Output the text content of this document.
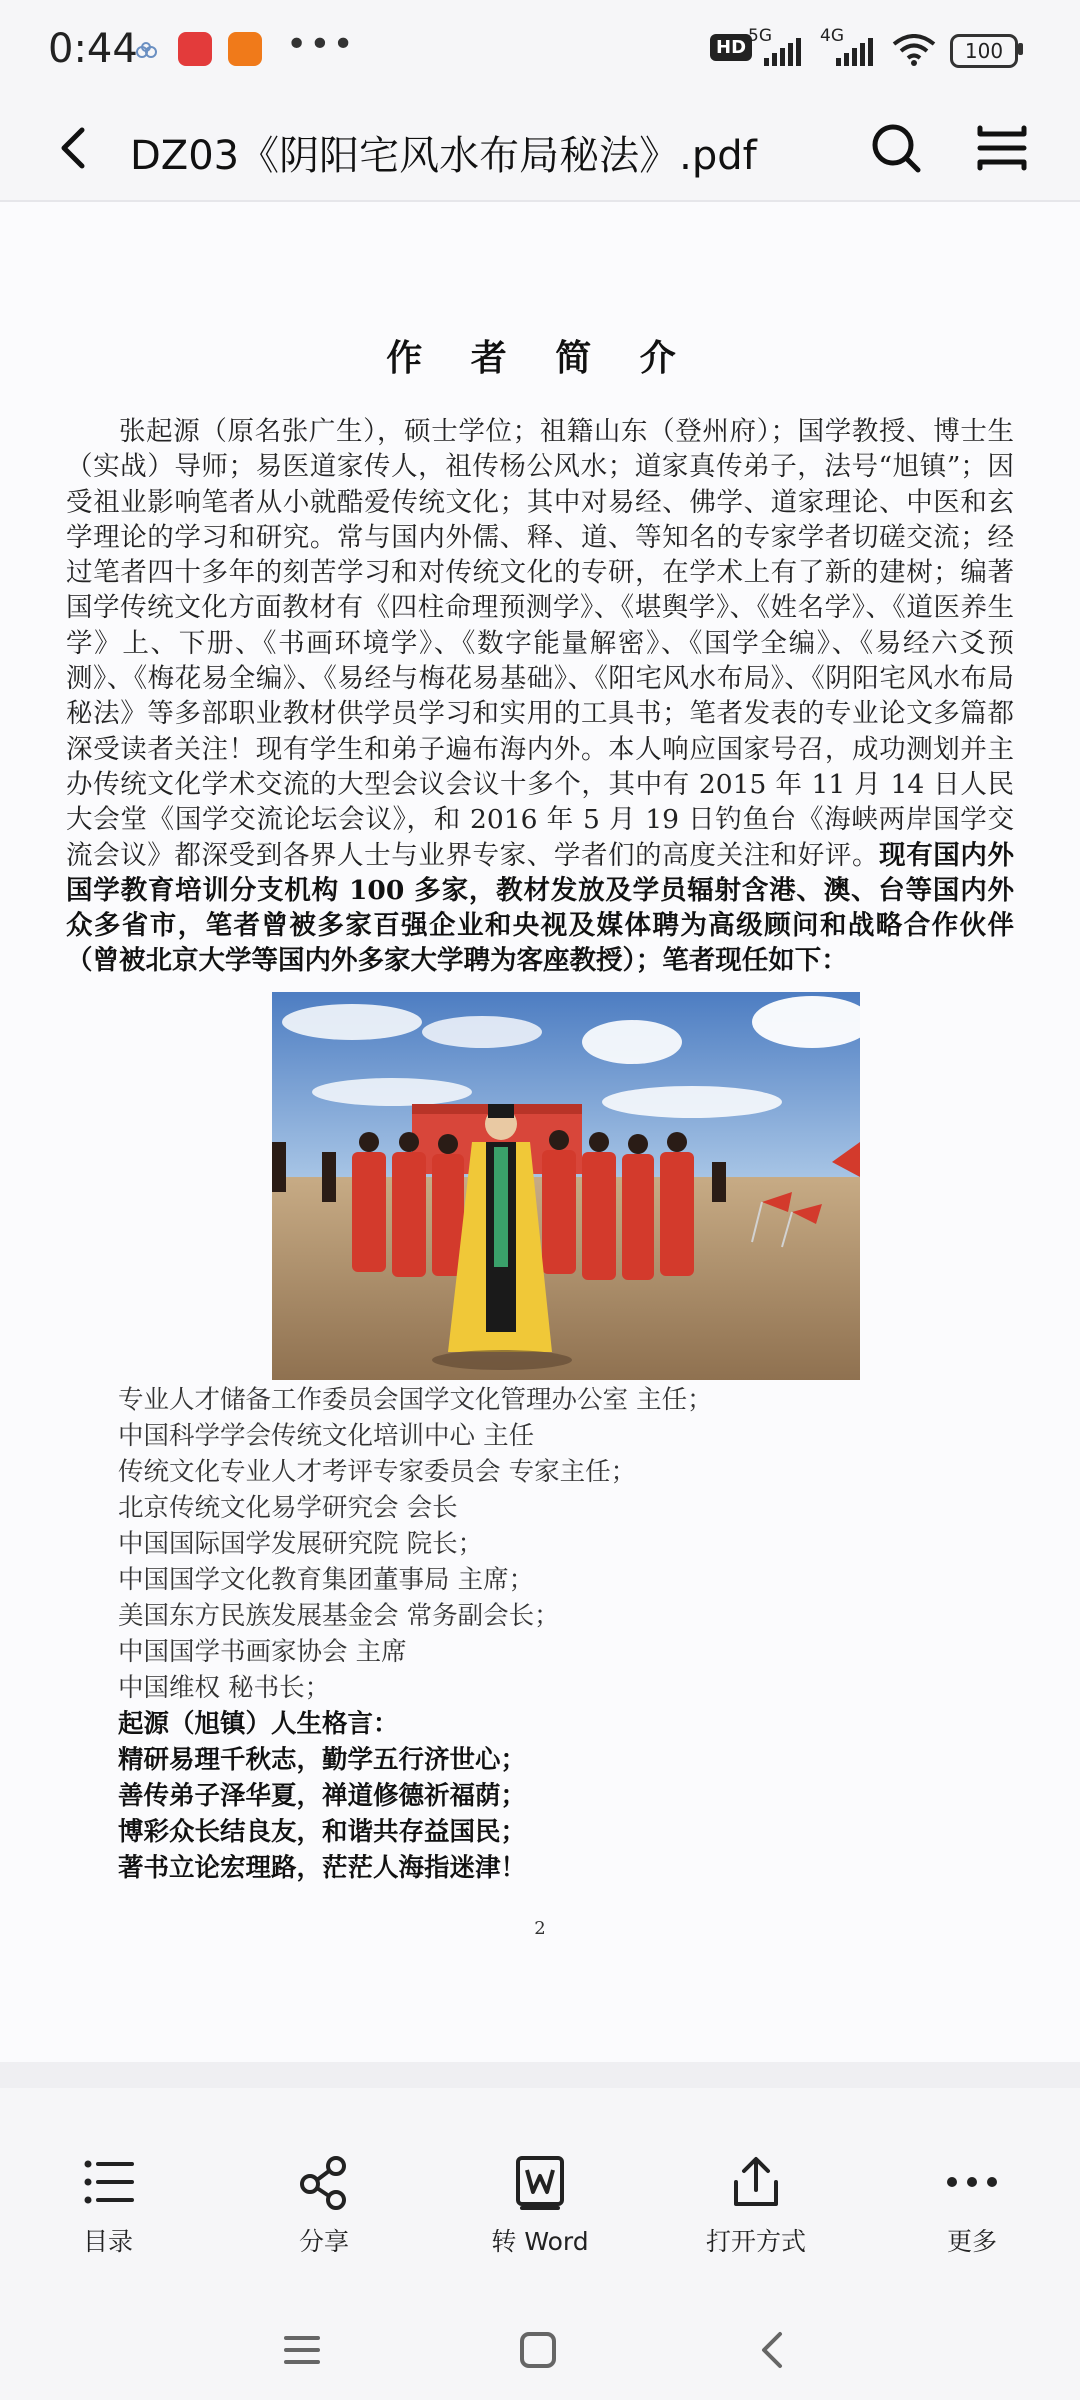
0:44	•••	HD
5G	4G
100
DZ03《阴阳宅风水布局秘法》.pdf
作 者 简 介
张起源（原名张广生），硕士学位；祖籍山东（登州府）；国学教授、博士生（实战）导师；易医道家传人，祖传杨公风水；道家真传弟子，法号“旭镇”；因受祖业影响笔者从小就酷爱传统文化；其中对易经、佛学、道家理论、中医和玄学理论的学习和研究。常与国内外儒、释、道、等知名的专家学者切磋交流；经过笔者四十多年的刻苦学习和对传统文化的专研，在学术上有了新的建树；编著国学传统文化方面教材有《四柱命理预测学》、《堪舆学》、《姓名学》、《道医养生学》上、下册、《书画环境学》、《数字能量解密》、《国学全编》、《易经六爻预测》、《梅花易全编》、《易经与梅花易基础》、《阳宅风水布局》、《阴阳宅风水布局秘法》等多部职业教材供学员学习和实用的工具书；笔者发表的专业论文多篇都深受读者关注！现有学生和弟子遍布海内外。本人响应国家号召，成功测划并主办传统文化学术交流的大型会议会议十多个，其中有 2015 年 11 月 14 日人民大会堂《国学交流论坛会议》，和 2016 年 5 月 19 日钓鱼台《海峡两岸国学交流会议》都深受到各界人士与业界专家、学者们的高度关注和好评。现有国内外国学教育培训分支机构 100 多家，教材发放及学员辐射含港、澳、台等国内外众多省市，笔者曾被多家百强企业和央视及媒体聘为高级顾问和战略合作伙伴（曾被北京大学等国内外多家大学聘为客座教授）；笔者现任如下：
专业人才储备工作委员会国学文化管理办公室 主任；
中国科学学会传统文化培训中心 主任
传统文化专业人才考评专家委员会 专家主任；
北京传统文化易学研究会 会长
中国国际国学发展研究院 院长；
中国国学文化教育集团董事局 主席；
美国东方民族发展基金会 常务副会长；
中国国学书画家协会 主席
中国维权 秘书长；
起源（旭镇）人生格言：
精研易理千秋志，勤学五行济世心；
善传弟子泽华夏，禅道修德祈福荫；
博彩众长结良友，和谐共存益国民；
著书立论宏理路，茫茫人海指迷津！
2
目录	分享	转 Word	打开方式	更多
